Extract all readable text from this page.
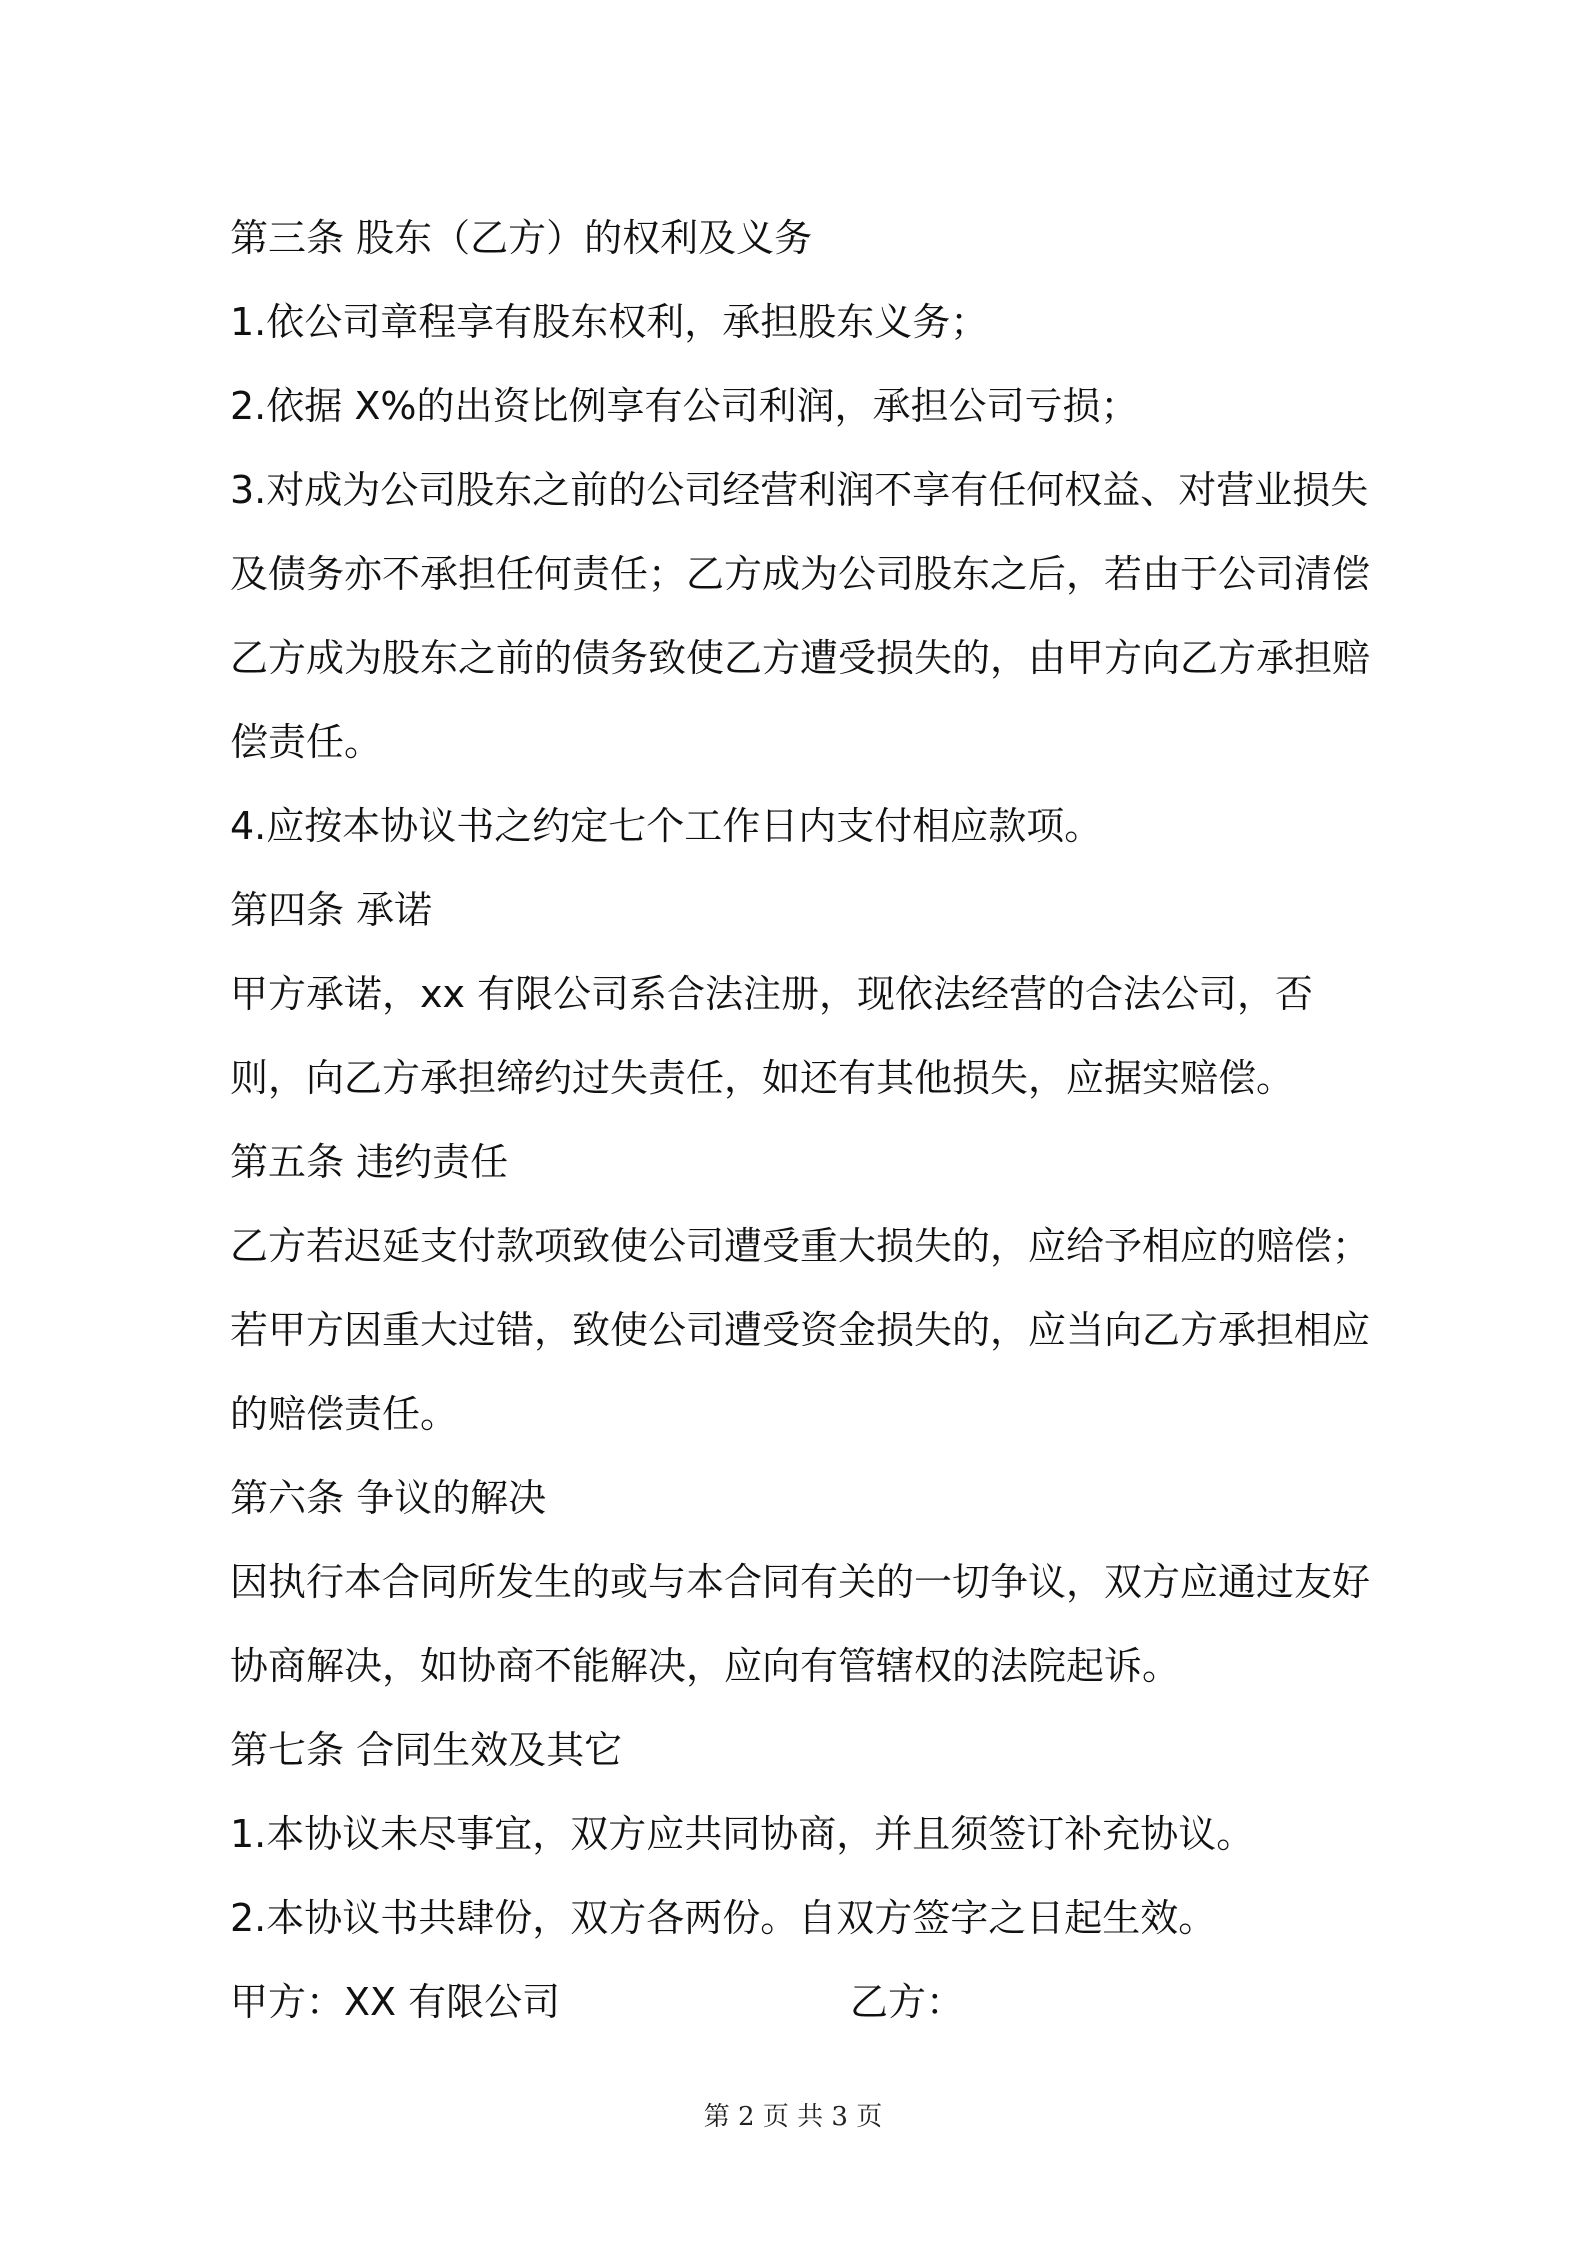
第三条 股东（乙方）的权利及义务
1.依公司章程享有股东权利，承担股东义务；
2.依据 X%的出资比例享有公司利润，承担公司亏损；
3.对成为公司股东之前的公司经营利润不享有任何权益、对营业损失及债务亦不承担任何责任；乙方成为公司股东之后，若由于公司清偿乙方成为股东之前的债务致使乙方遭受损失的，由甲方向乙方承担赔偿责任。
4.应按本协议书之约定七个工作日内支付相应款项。
第四条 承诺
甲方承诺，xx 有限公司系合法注册，现依法经营的合法公司，否则，向乙方承担缔约过失责任，如还有其他损失，应据实赔偿。
第五条 违约责任
乙方若迟延支付款项致使公司遭受重大损失的，应给予相应的赔偿；若甲方因重大过错，致使公司遭受资金损失的，应当向乙方承担相应的赔偿责任。
第六条 争议的解决
因执行本合同所发生的或与本合同有关的一切争议，双方应通过友好协商解决，如协商不能解决，应向有管辖权的法院起诉。
第七条 合同生效及其它
1.本协议未尽事宜，双方应共同协商，并且须签订补充协议。
2.本协议书共肆份，双方各两份。自双方签字之日起生效。
甲方：XX 有限公司	乙方：
第 2 页 共 3 页
